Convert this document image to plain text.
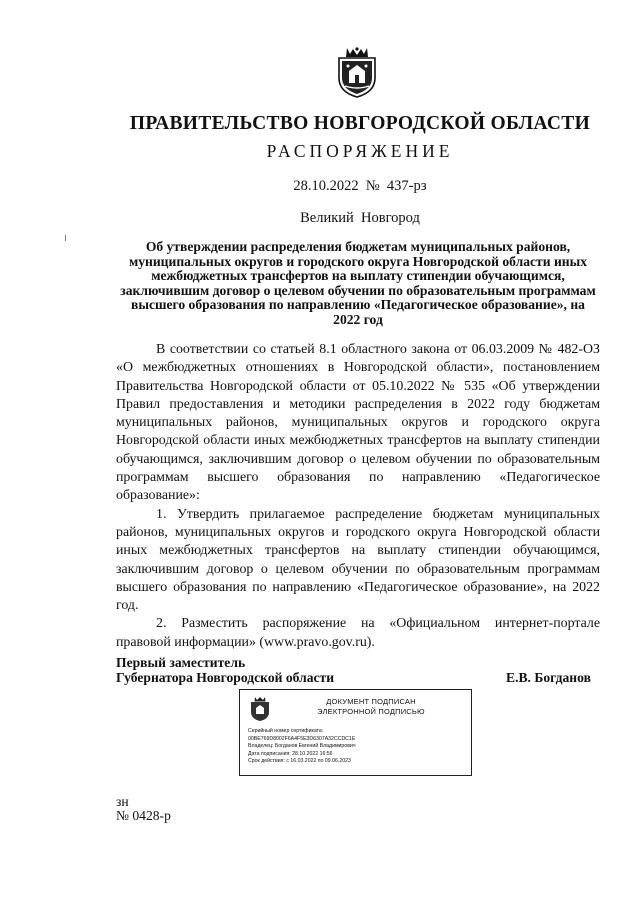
ПРАВИТЕЛЬСТВО НОВГОРОДСКОЙ ОБЛАСТИ
РАСПОРЯЖЕНИЕ
28.10.2022  №  437-рз
Великий  Новгород
Об утверждении распределения бюджетам муниципальных районов, муниципальных округов и городского округа Новгородской области иных межбюджетных трансфертов на выплату стипендии обучающимся, заключившим договор о целевом обучении по образовательным программам высшего образования по направлению «Педагогическое образование», на 2022 год

В соответствии со статьей 8.1 областного закона от 06.03.2009 № 482-ОЗ «О межбюджетных отношениях в Новгородской области», постановлением Правительства Новгородской области от 05.10.2022 № 535 «Об утверждении Правил предоставления и методики распределения в 2022 году бюджетам муниципальных районов, муниципальных округов и городского округа Новгородской области иных межбюджетных трансфертов на выплату стипендии обучающимся, заключившим договор о целевом обучении по образовательным программам высшего образования по направлению «Педагогическое образование»:

1. Утвердить прилагаемое распределение бюджетам муниципальных районов, муниципальных округов и городского округа Новгородской области иных межбюджетных трансфертов на выплату стипендии обучающимся, заключившим договор о целевом обучении по образовательным программам высшего образования по направлению «Педагогическое образование», на 2022 год.

2. Разместить распоряжение на «Официальном интернет-портале правовой информации» (www.pravo.gov.ru).

Первый заместитель
Губернатора Новгородской области	Е.В. Богданов
ДОКУМЕНТ ПОДПИСАН
ЭЛЕКТРОННОЙ ПОДПИСЬЮ
Серийный номер сертификата:
00BE769D8002F6A4F5E3D6307A32CCDC1E
Владелец: Богданов Евгений Владимирович
Дата подписания: 28.10.2022 16:56
Срок действия: с 16.03.2022 по 09.06.2023
зн
№ 0428-р
